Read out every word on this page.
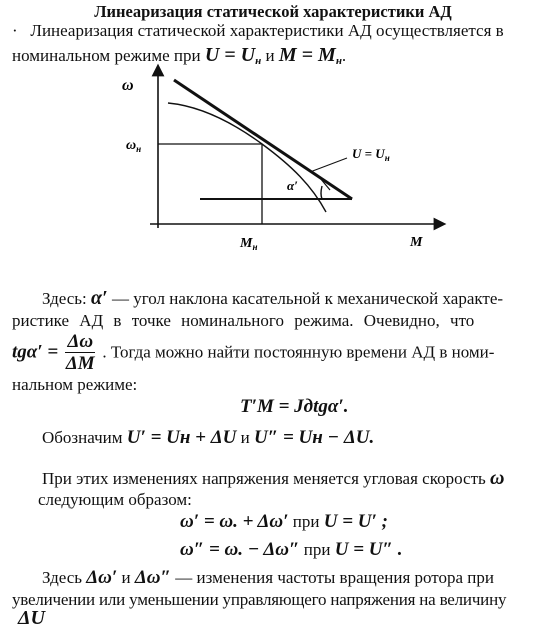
Линеаризация статической характеристики АД
· Линеаризация статической характеристики АД осуществляется в
номинальном режиме при $U = U_н$ и $M = M_н$.
ω
M
$\omega_н$
$M_н$
α′
$U = U_н$
Здесь: α′ — угол наклона касательной к механической характе-
ристике АД в точке номинального режима. Очевидно, что
$tg\alpha' = \frac{\Delta\omega}{\Delta M}$ . Тогда можно найти постоянную времени АД в номи-
нальном режиме:
T′M = Jдtgα′.
Обозначим U′ = Uн + ΔU и U″ = Uн − ΔU.
При этих изменениях напряжения меняется угловая скорость ω
следующим образом:
ω′ = ω. + Δω′ при U = U′ ;
ω″ = ω. − Δω″ при U = U″ .
Здесь Δω′ и Δω″ — изменения частоты вращения ротора при
увеличении или уменьшении управляющего напряжения на величину
ΔU
